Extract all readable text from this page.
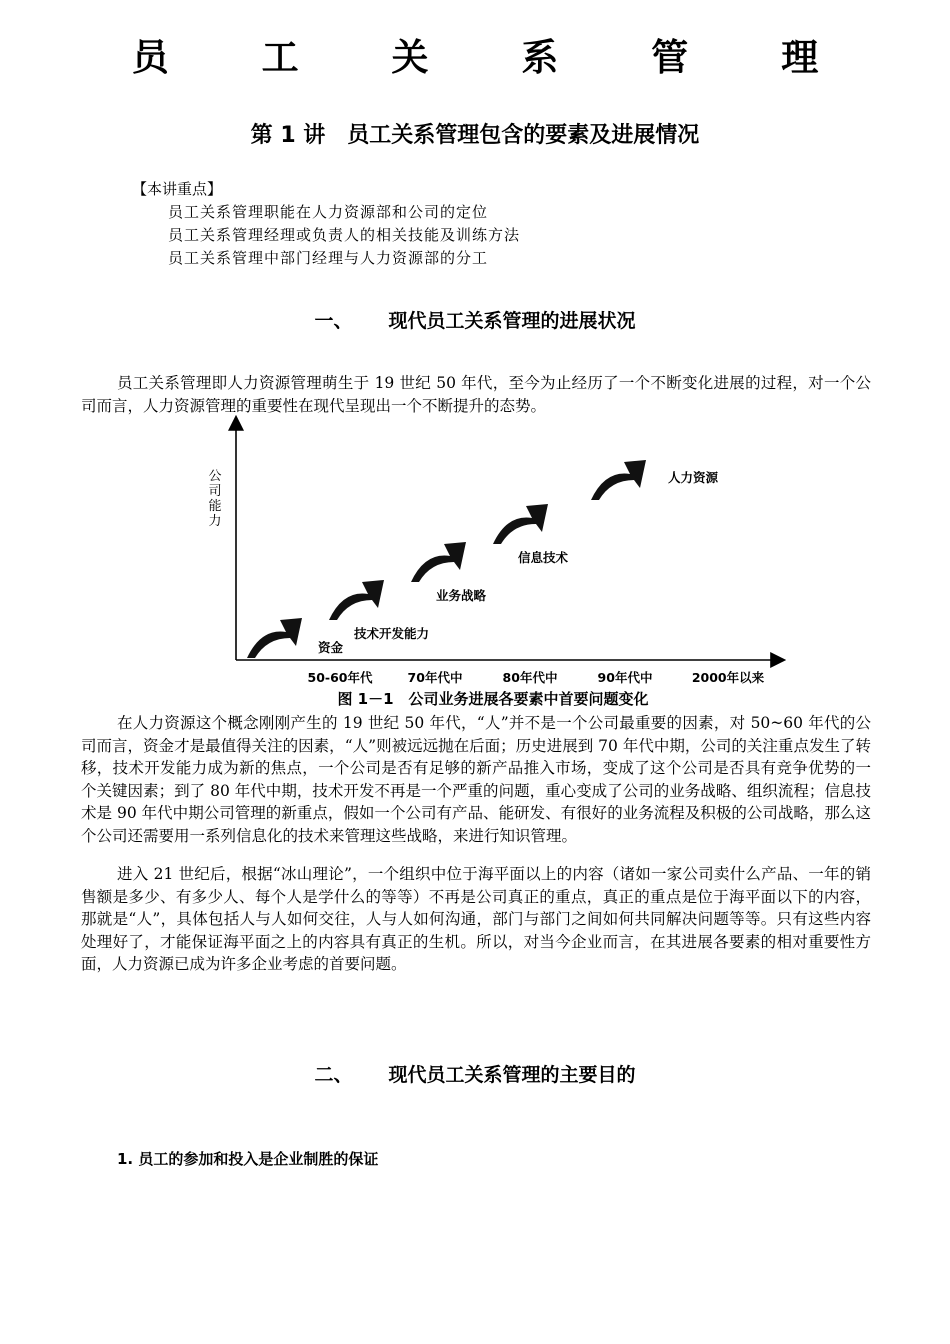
员 工 关 系 管 理
第 1 讲　员工关系管理包含的要素及进展情况
【本讲重点】
员工关系管理职能在人力资源部和公司的定位
员工关系管理经理或负责人的相关技能及训练方法
员工关系管理中部门经理与人力资源部的分工
一、 现代员工关系管理的进展状况
员工关系管理即人力资源管理萌生于 19 世纪 50 年代，至今为止经历了一个不断变化进展的过程，对一个公司而言，人力资源管理的重要性在现代呈现出一个不断提升的态势。
公
司
能
力
资金
技术开发能力
业务战略
信息技术
人力资源
50-60年代	70年代中	80年代中	90年代中	2000年以来
图 1－1　公司业务进展各要素中首要问题变化
在人力资源这个概念刚刚产生的 19 世纪 50 年代，“人”并不是一个公司最重要的因素，对 50~60 年代的公司而言，资金才是最值得关注的因素，“人”则被远远抛在后面；历史进展到 70 年代中期，公司的关注重点发生了转移，技术开发能力成为新的焦点，一个公司是否有足够的新产品推入市场，变成了这个公司是否具有竞争优势的一个关键因素；到了 80 年代中期，技术开发不再是一个严重的问题，重心变成了公司的业务战略、组织流程；信息技术是 90 年代中期公司管理的新重点，假如一个公司有产品、能研发、有很好的业务流程及积极的公司战略，那么这个公司还需要用一系列信息化的技术来管理这些战略，来进行知识管理。
进入 21 世纪后，根据“冰山理论”，一个组织中位于海平面以上的内容（诸如一家公司卖什么产品、一年的销售额是多少、有多少人、每个人是学什么的等等）不再是公司真正的重点，真正的重点是位于海平面以下的内容，那就是“人”，具体包括人与人如何交往，人与人如何沟通，部门与部门之间如何共同解决问题等等。只有这些内容处理好了，才能保证海平面之上的内容具有真正的生机。所以，对当今企业而言，在其进展各要素的相对重要性方面，人力资源已成为许多企业考虑的首要问题。
二、 现代员工关系管理的主要目的
1. 员工的参加和投入是企业制胜的保证
